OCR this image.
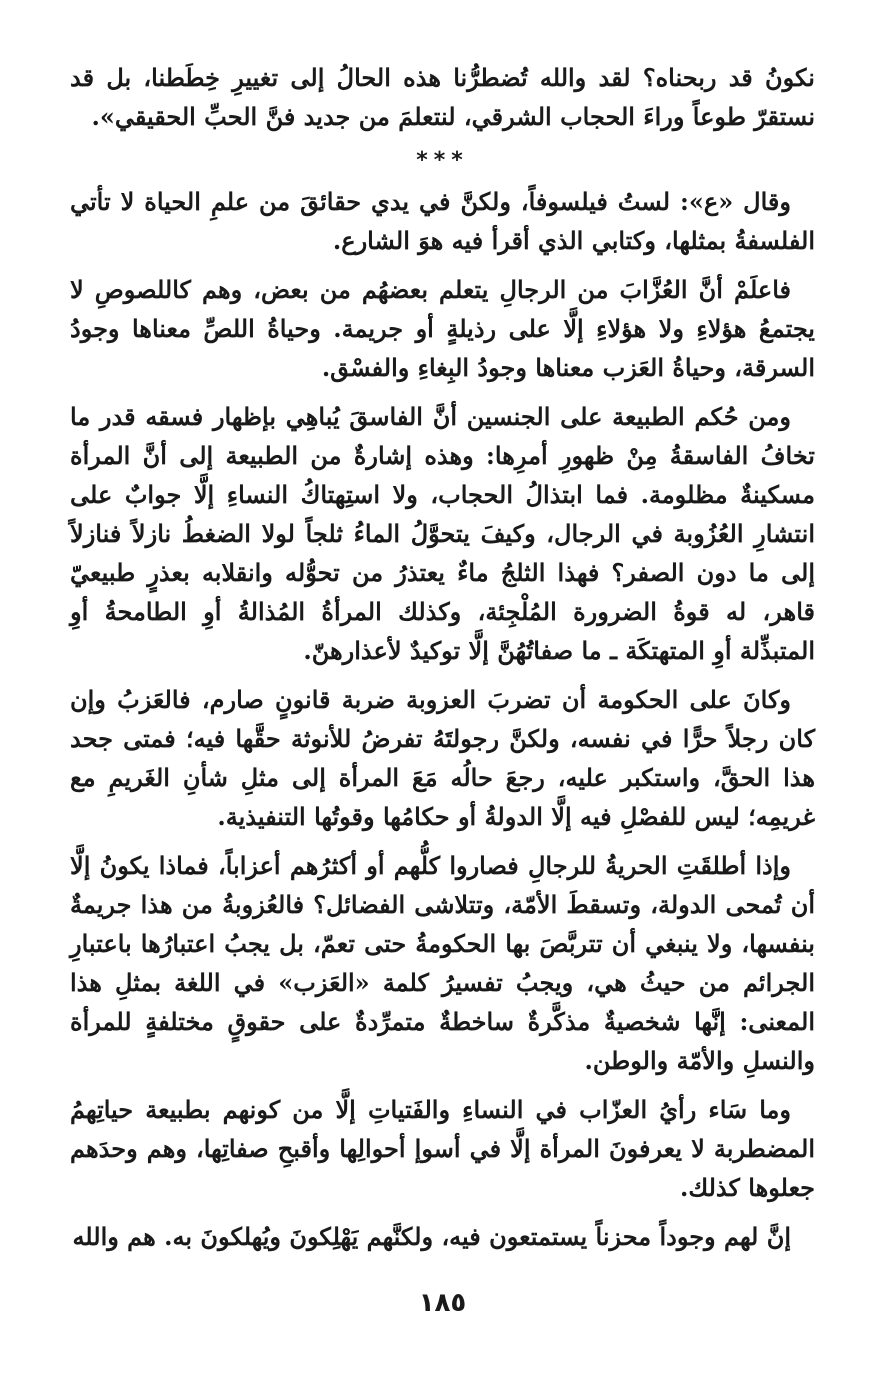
نكونُ قد ربحناه؟ لقد والله تُضطرُّنا هذه الحالُ إلى تغييرِ خِطَطنا، بل قد نستقرّ طوعاً وراءَ الحجاب الشرقي، لنتعلمَ من جديد فنَّ الحبِّ الحقيقي».

***

وقال «ع»: لستُ فيلسوفاً، ولكنَّ في يدي حقائقَ من علمِ الحياة لا تأتي الفلسفةُ بمثلها، وكتابي الذي أقرأ فيه هوَ الشارع.

فاعلَمْ أنَّ العُزَّابَ من الرجالِ يتعلم بعضهُم من بعض، وهم كاللصوصِ لا يجتمعُ هؤلاءِ ولا هؤلاءِ إلَّا على رذيلةٍ أو جريمة. وحياةُ اللصِّ معناها وجودُ السرقة، وحياةُ العَزب معناها وجودُ البِغاءِ والفسْق.

ومن حُكم الطبيعة على الجنسين أنَّ الفاسقَ يُباهِي بإظهار فسقه قدر ما تخافُ الفاسقةُ مِنْ ظهورِ أمرِها: وهذه إشارةٌ من الطبيعة إلى أنَّ المرأة مسكينةٌ مظلومة. فما ابتذالُ الحجاب، ولا استِهتاكُ النساءِ إلَّا جوابٌ على انتشارِ العُزُوبة في الرجال، وكيفَ يتحوَّلُ الماءُ ثلجاً لولا الضغطُ نازلاً فنازلاً إلى ما دون الصفر؟ فهذا الثلجُ ماءٌ يعتذرُ من تحوُّله وانقلابه بعذرٍ طبيعيّ قاهر، له قوةُ الضرورة المُلْجِئة، وكذلك المرأةُ المُذالةُ أوِ الطامحةُ أوِ المتبذِّلة أوِ المتهتكَة ـ ما صفاتُهُنَّ إلَّا توكيدٌ لأعذارهنّ.

وكانَ على الحكومة أن تضربَ العزوبة ضربة قانونٍ صارم، فالعَزبُ وإن كان رجلاً حرًّا في نفسه، ولكنَّ رجولتَهُ تفرضُ للأنوثة حقَّها فيه؛ فمتى جحد هذا الحقَّ، واستكبر عليه، رجعَ حالُه مَعَ المرأة إلى مثلِ شأنِ الغَريمِ مع غريمِه؛ ليس للفصْلِ فيه إلَّا الدولةُ أو حكامُها وقوتُها التنفيذية.

وإذا أطلقَتِ الحريةُ للرجالِ فصاروا كلُّهم أو أكثرُهم أعزاباً، فماذا يكونُ إلَّا أن تُمحى الدولة، وتسقطَ الأمّة، وتتلاشى الفضائل؟ فالعُزوبةُ من هذا جريمةٌ بنفسها، ولا ينبغي أن تتربَّصَ بها الحكومةُ حتى تعمّ، بل يجبُ اعتبارُها باعتبارِ الجرائم من حيثُ هي، ويجبُ تفسيرُ كلمة «العَزب» في اللغة بمثلِ هذا المعنى: إنَّها شخصيةٌ مذكَّرةٌ ساخطةٌ متمرِّدةٌ على حقوقٍ مختلفةٍ للمرأة والنسلِ والأمّة والوطن.

وما سَاء رأيُ العزّاب في النساءِ والفَتياتِ إلَّا من كونهم بطبيعة حياتِهمُ المضطربة لا يعرفونَ المرأة إلَّا في أسوإ أحوالِها وأقبحِ صفاتِها، وهم وحدَهم جعلوها كذلك.

إنَّ لهم وجوداً محزناً يستمتعون فيه، ولكنَّهم يَهْلِكونَ ويُهلكونَ به. هم والله

١٨٥
